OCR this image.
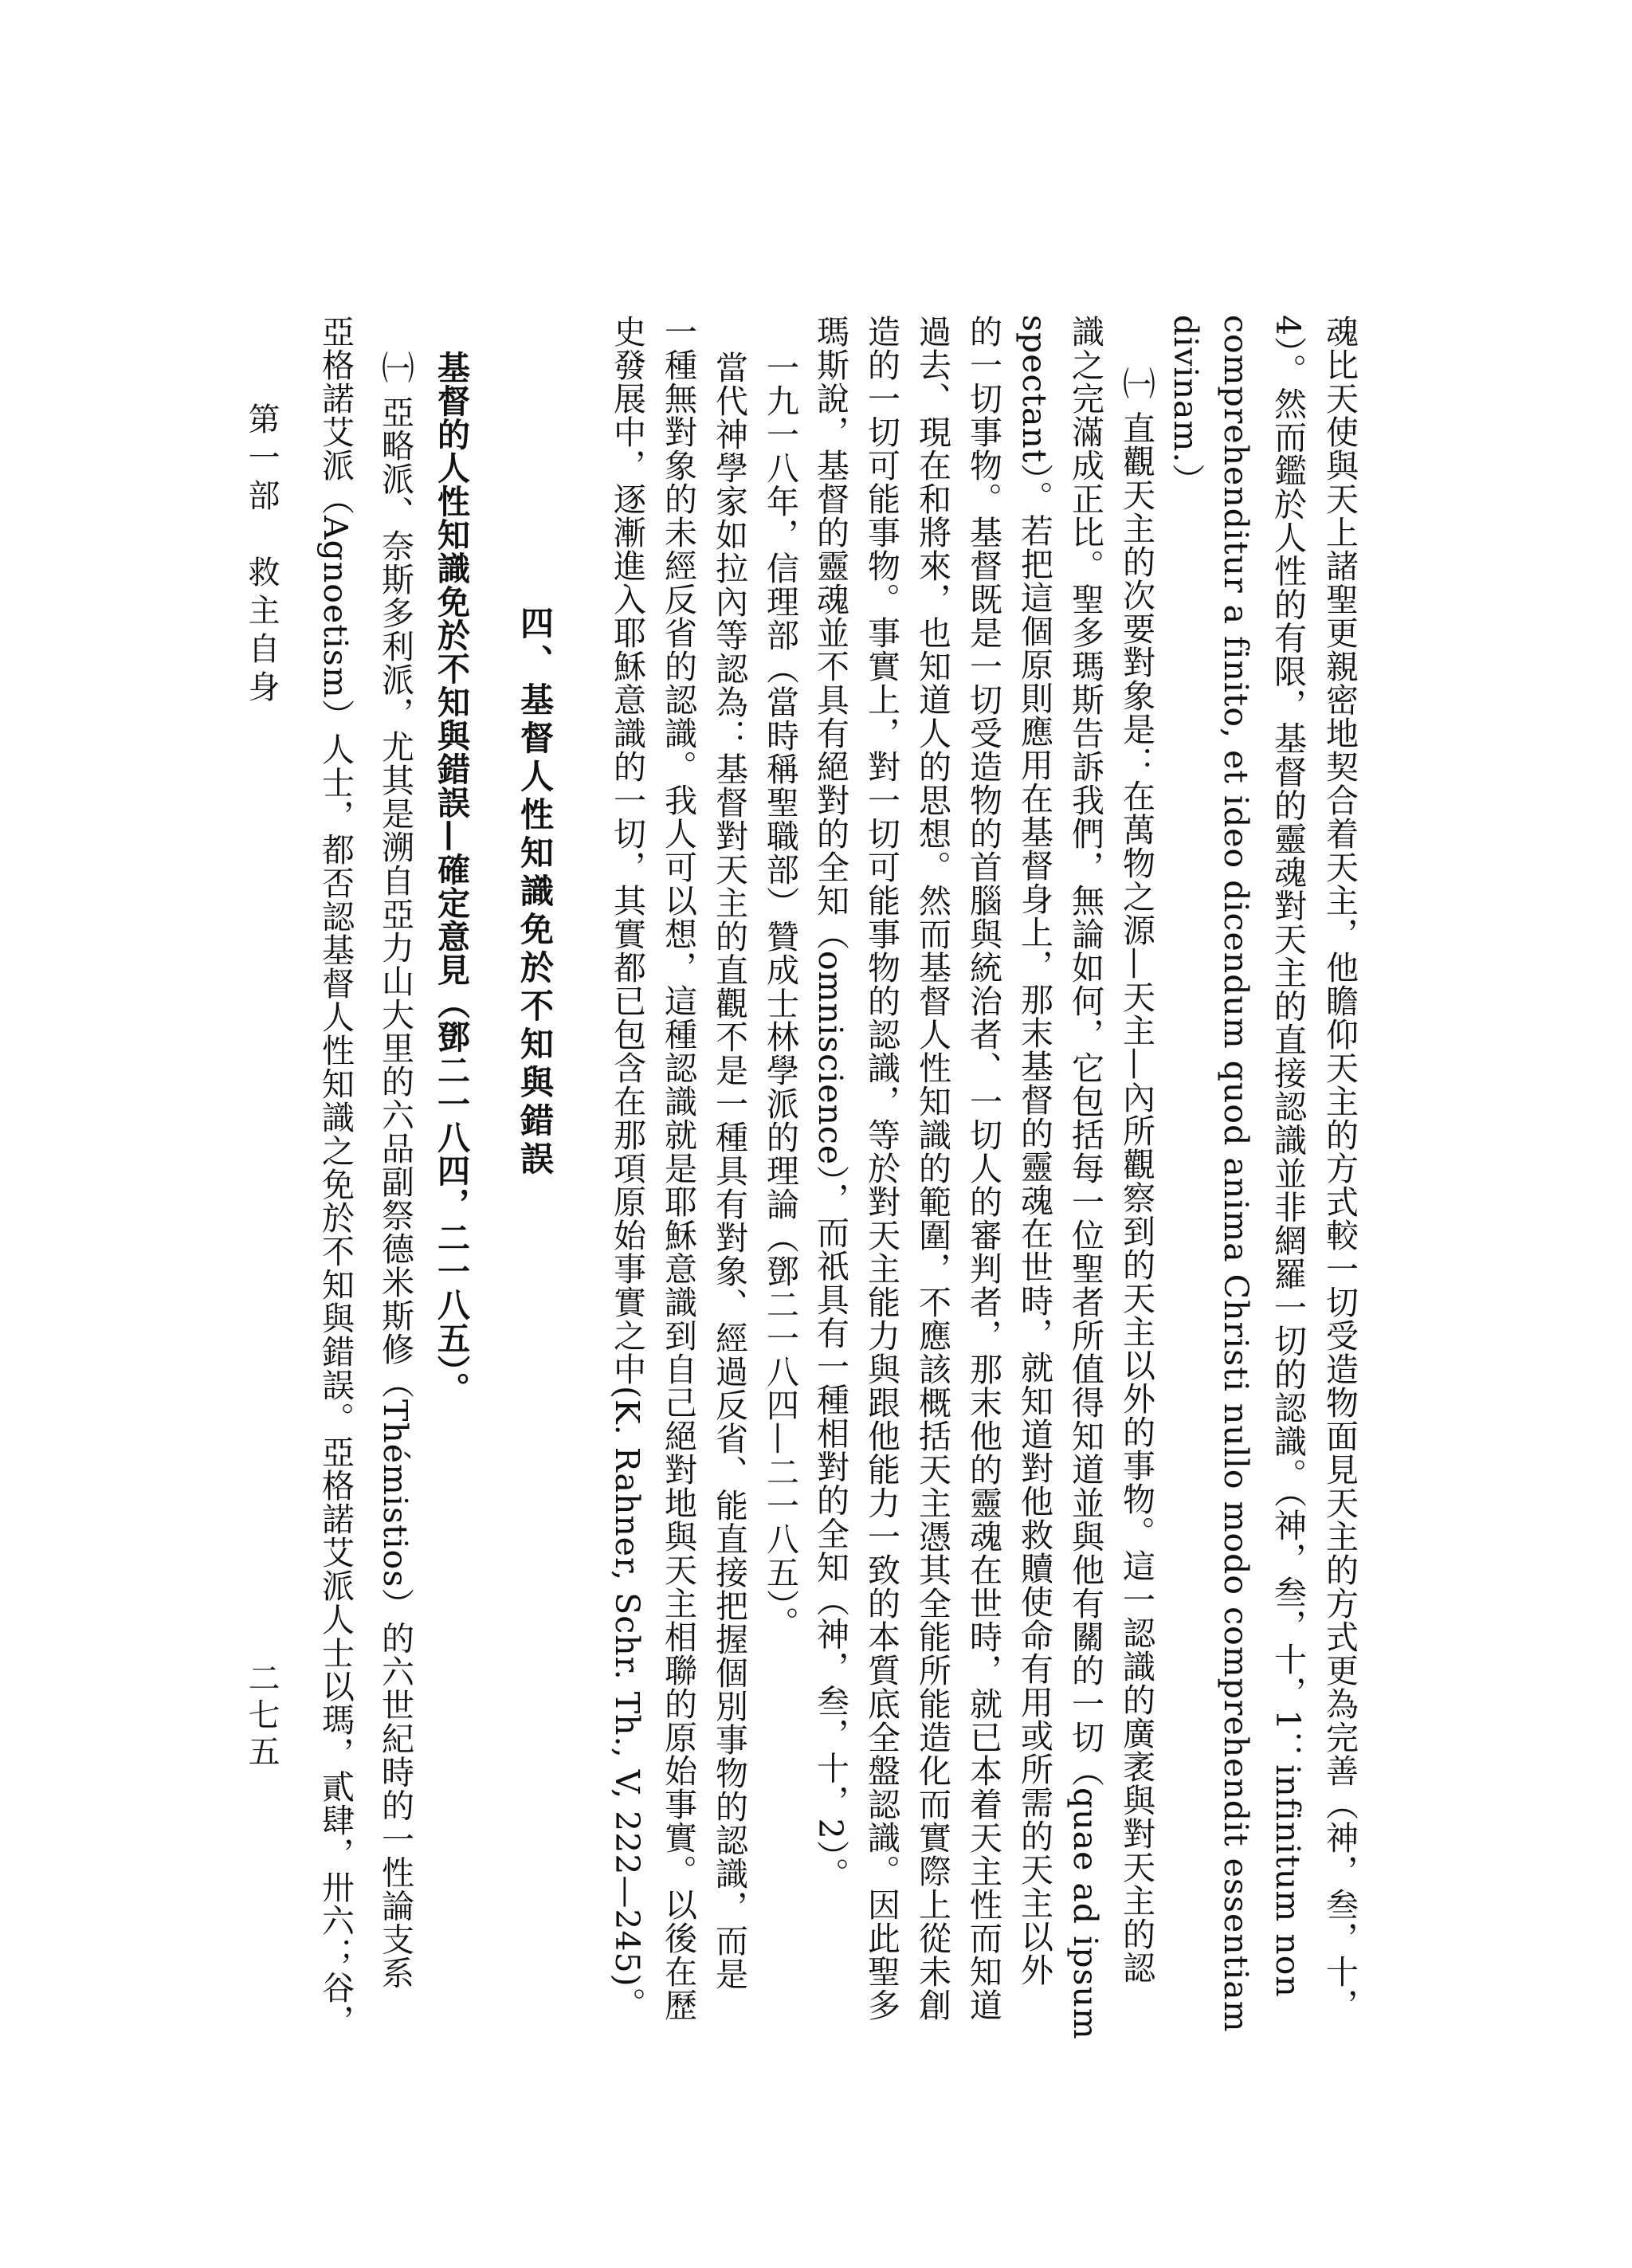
魂比天使與天上諸聖更親密地契合着天主，他瞻仰天主的方式較一切受造物面見天主的方式更為完善（神，叁，十，
4）。然而鑑於人性的有限，基督的靈魂對天主的直接認識並非網羅一切的認識。（神，叁，十，1：infinitum non
comprehenditur a finito, et ideo dicendum quod anima Christi nullo modo comprehendit essentiam
divinam.）
㈠ 直觀天主的次要對象是：在萬物之源—天主—內所觀察到的天主以外的事物。這一認識的廣袤與對天主的認
識之完滿成正比。聖多瑪斯告訴我們，無論如何，它包括每一位聖者所值得知道並與他有關的一切（quae ad ipsum
spectant）。若把這個原則應用在基督身上，那末基督的靈魂在世時，就知道對他救贖使命有用或所需的天主以外
的一切事物。基督既是一切受造物的首腦與統治者、一切人的審判者，那末他的靈魂在世時，就已本着天主性而知道
過去、現在和將來，也知道人的思想。然而基督人性知識的範圍，不應該概括天主憑其全能所能造化而實際上從未創
造的一切可能事物。事實上，對一切可能事物的認識，等於對天主能力與跟他能力一致的本質底全盤認識。因此聖多
瑪斯說，基督的靈魂並不具有絕對的全知（omniscience），而祇具有一種相對的全知（神，叁，十，2）。
一九一八年，信理部（當時稱聖職部）贊成士林學派的理論（鄧二一八四—二一八五）。
當代神學家如拉內等認為：基督對天主的直觀不是一種具有對象、經過反省、能直接把握個別事物的認識，而是
一種無對象的未經反省的認識。我人可以想，這種認識就是耶穌意識到自己絕對地與天主相聯的原始事實。以後在歷
史發展中，逐漸進入耶穌意識的一切，其實都已包含在那項原始事實之中(K. Rahner, Schr. Th., V, 222—245)。
四、基督人性知識免於不知與錯誤
基督的人性知識免於不知與錯誤—確定意見（鄧二一八四，二一八五）。
㈠ 亞略派、奈斯多利派，尤其是溯自亞力山大里的六品副祭德米斯修（Thémistios）的六世紀時的一性論支系
亞格諾艾派（Agnoetism）人士，都否認基督人性知識之免於不知與錯誤。亞格諾艾派人士以瑪，貳肆，卅六；谷，
第一部　救主自身
二七五
